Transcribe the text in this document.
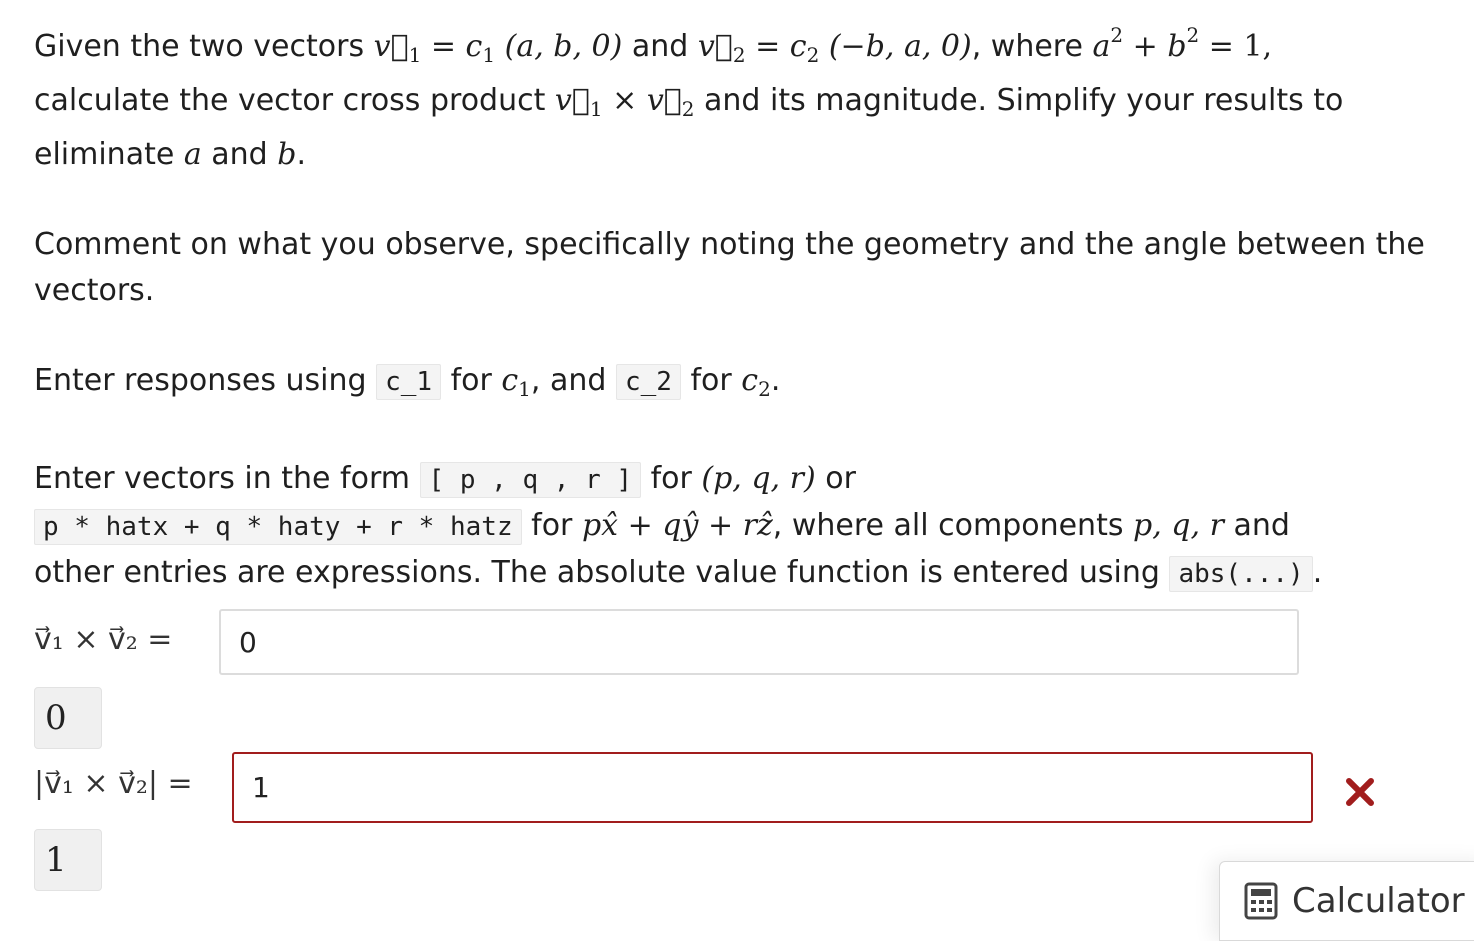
Given the two vectors $v⃗_1 = c_1$ (a, b, 0) and $v⃗_2 = c_2$ (−b, a, 0), where $a^2 + b^2 = 1$,
calculate the vector cross product $v⃗_1$ × $v⃗_2$ and its magnitude. Simplify your results to
eliminate a and b.

Comment on what you observe, specifically noting the geometry and the angle between the
vectors.

Enter responses using c_1 for $c_1$, and c_2 for $c_2$.

Enter vectors in the form [ p , q , r ] for (p, q, r) or
p * hatx + q * haty + r * hatz for px̂ + qŷ + rẑ, where all components p, q, r and
other entries are expressions. The absolute value function is entered using abs(...) .

v⃗₁ × v⃗₂ =
0
0
|v⃗₁ × v⃗₂| =
1
1
Calculator
